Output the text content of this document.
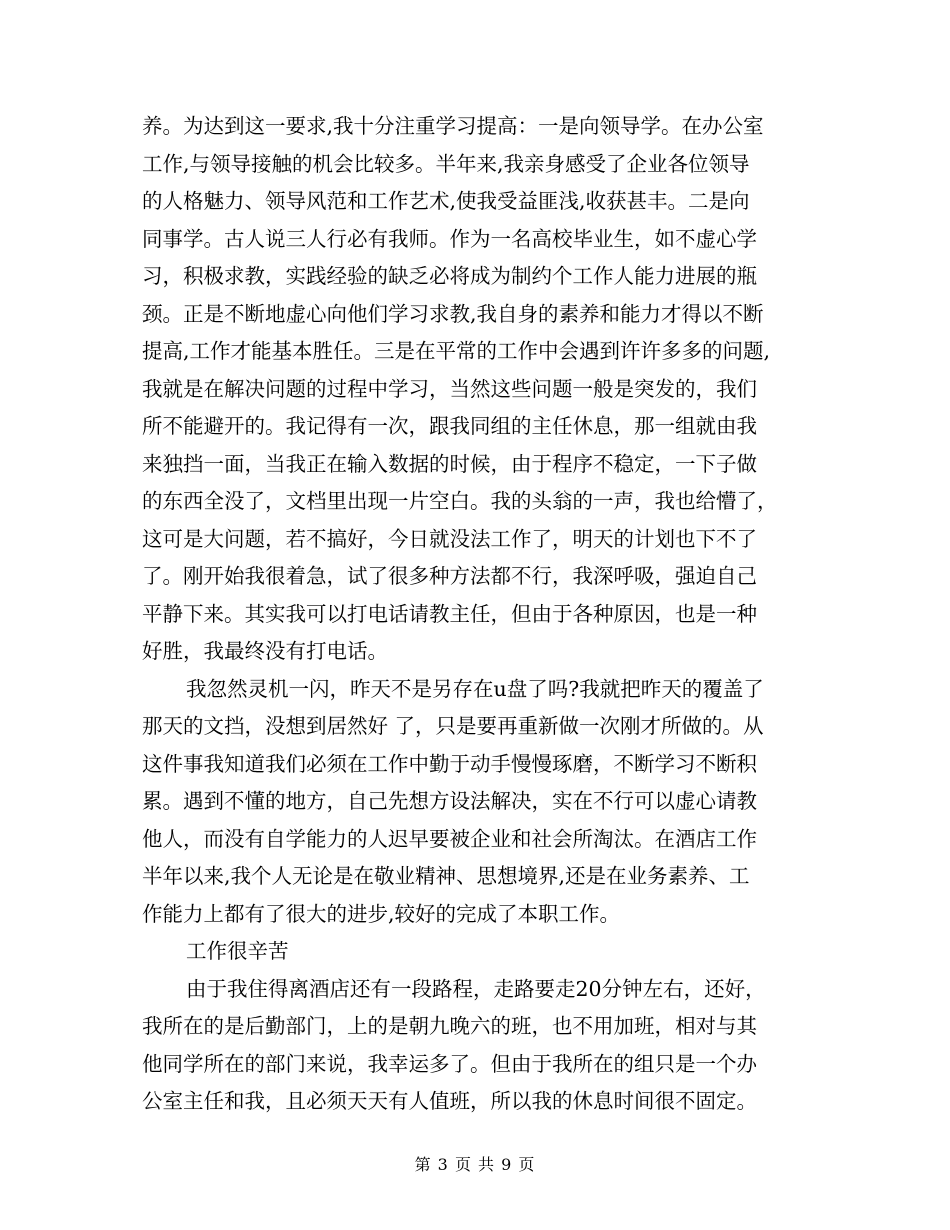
养。为达到这一要求,我十分注重学习提高：一是向领导学。在办公室
工作,与领导接触的机会比较多。半年来,我亲身感受了企业各位领导
的人格魅力、领导风范和工作艺术,使我受益匪浅,收获甚丰。二是向
同事学。古人说三人行必有我师。作为一名高校毕业生，如不虚心学
习，积极求教，实践经验的缺乏必将成为制约个工作人能力进展的瓶
颈。正是不断地虚心向他们学习求教,我自身的素养和能力才得以不断
提高,工作才能基本胜任。三是在平常的工作中会遇到许许多多的问题,
我就是在解决问题的过程中学习，当然这些问题一般是突发的，我们
所不能避开的。我记得有一次，跟我同组的主任休息，那一组就由我
来独挡一面，当我正在输入数据的时候，由于程序不稳定，一下子做
的东西全没了，文档里出现一片空白。我的头翁的一声，我也给懵了，
这可是大问题，若不搞好，今日就没法工作了，明天的计划也下不了
了。刚开始我很着急，试了很多种方法都不行，我深呼吸，强迫自己
平静下来。其实我可以打电话请教主任，但由于各种原因，也是一种
好胜，我最终没有打电话。
我忽然灵机一闪，昨天不是另存在u盘了吗?我就把昨天的覆盖了
那天的文挡，没想到居然好 了，只是要再重新做一次刚才所做的。从
这件事我知道我们必须在工作中勤于动手慢慢琢磨，不断学习不断积
累。遇到不懂的地方，自己先想方设法解决，实在不行可以虚心请教
他人，而没有自学能力的人迟早要被企业和社会所淘汰。在酒店工作
半年以来,我个人无论是在敬业精神、思想境界,还是在业务素养、工
作能力上都有了很大的进步,较好的完成了本职工作。
工作很辛苦
由于我住得离酒店还有一段路程，走路要走20分钟左右，还好，
我所在的是后勤部门，上的是朝九晚六的班，也不用加班，相对与其
他同学所在的部门来说，我幸运多了。但由于我所在的组只是一个办
公室主任和我，且必须天天有人值班，所以我的休息时间很不固定。
第 3 页 共 9 页
